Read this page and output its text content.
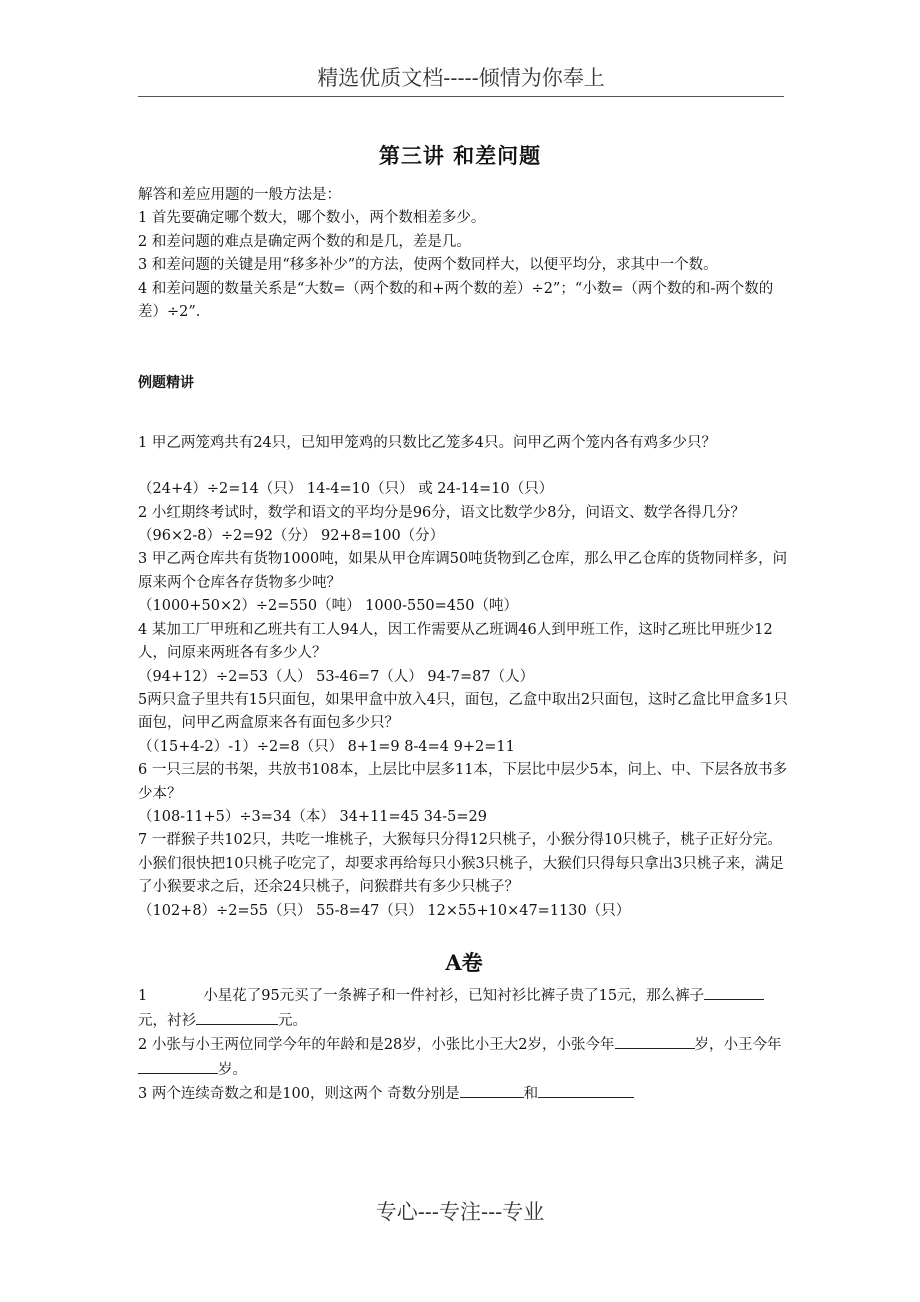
精选优质文档-----倾情为你奉上
第三讲 和差问题

解答和差应用题的一般方法是：

1 首先要确定哪个数大，哪个数小，两个数相差多少。

2 和差问题的难点是确定两个数的和是几，差是几。

3 和差问题的关键是用“移多补少”的方法，使两个数同样大，以便平均分，求其中一个数。

4 和差问题的数量关系是“大数=（两个数的和+两个数的差）÷2”；“小数=（两个数的和-两个数的差）÷2”.

例题精讲

1 甲乙两笼鸡共有24只，已知甲笼鸡的只数比乙笼多4只。问甲乙两个笼内各有鸡多少只？

（24+4）÷2=14（只） 14-4=10（只） 或 24-14=10（只）

2 小红期终考试时，数学和语文的平均分是96分，语文比数学少8分，问语文、数学各得几分？

（96×2-8）÷2=92（分） 92+8=100（分）

3 甲乙两仓库共有货物1000吨，如果从甲仓库调50吨货物到乙仓库，那么甲乙仓库的货物同样多，问原来两个仓库各存货物多少吨？

（1000+50×2）÷2=550（吨） 1000-550=450（吨）

4 某加工厂甲班和乙班共有工人94人，因工作需要从乙班调46人到甲班工作，这时乙班比甲班少12人，问原来两班各有多少人？

（94+12）÷2=53（人） 53-46=7（人） 94-7=87（人）

5两只盒子里共有15只面包，如果甲盒中放入4只，面包，乙盒中取出2只面包，这时乙盒比甲盒多1只面包，问甲乙两盒原来各有面包多少只？

（（15+4-2）-1）÷2=8（只） 8+1=9 8-4=4 9+2=11

6 一只三层的书架，共放书108本，上层比中层多11本，下层比中层少5本，问上、中、下层各放书多少本？

（108-11+5）÷3=34（本） 34+11=45 34-5=29

7 一群猴子共102只，共吃一堆桃子，大猴每只分得12只桃子，小猴分得10只桃子，桃子正好分完。小猴们很快把10只桃子吃完了，却要求再给每只小猴3只桃子，大猴们只得每只拿出3只桃子来，满足了小猴要求之后，还余24只桃子，问猴群共有多少只桃子？

（102+8）÷2=55（只） 55-8=47（只） 12×55+10×47=1130（只）

A卷

1	小星花了95元买了一条裤子和一件衬衫，已知衬衫比裤子贵了15元，那么裤子元，衬衫	元。

2 小张与小王两位同学今年的年龄和是28岁，小张比小王大2岁，小张今年	岁，小王今年岁。

3 两个连续奇数之和是100，则这两个 奇数分别是	和

专心---专注---专业
